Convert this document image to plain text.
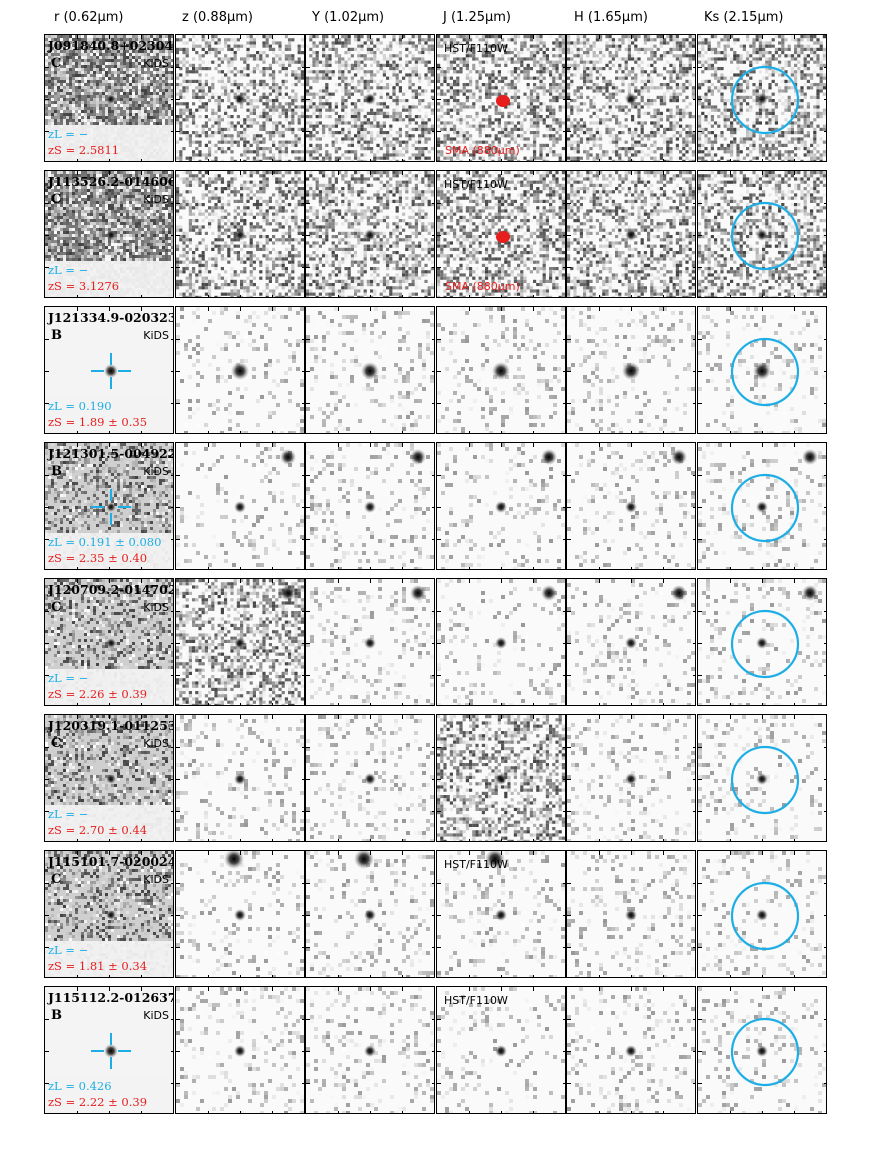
r (0.62μm)	z (0.88μm)	Y (1.02μm)	J (1.25μm)	H (1.65μm)	Ks (2.15μm)
J091840.8+023048
C	KiDS
zL = −
zS = 2.5811
HST/F110W
SMA (880μm)
J113526.2-014606
C	KiDS
zL = −
zS = 3.1276
HST/F110W
SMA (880μm)
J121334.9-020323
B	KiDS
zL = 0.190
zS = 1.89 ± 0.35
J121301.5-004922
B	KiDS
zL = 0.191 ± 0.080
zS = 2.35 ± 0.40
J120709.2-014702
C	KiDS
zL = −
zS = 2.26 ± 0.39
J120319.1-011253
C	KiDS
zL = −
zS = 2.70 ± 0.44
J115101.7-020024
C	KiDS
zL = −
zS = 1.81 ± 0.34
HST/F110W
J115112.2-012637
B	KiDS
zL = 0.426
zS = 2.22 ± 0.39
HST/F110W
